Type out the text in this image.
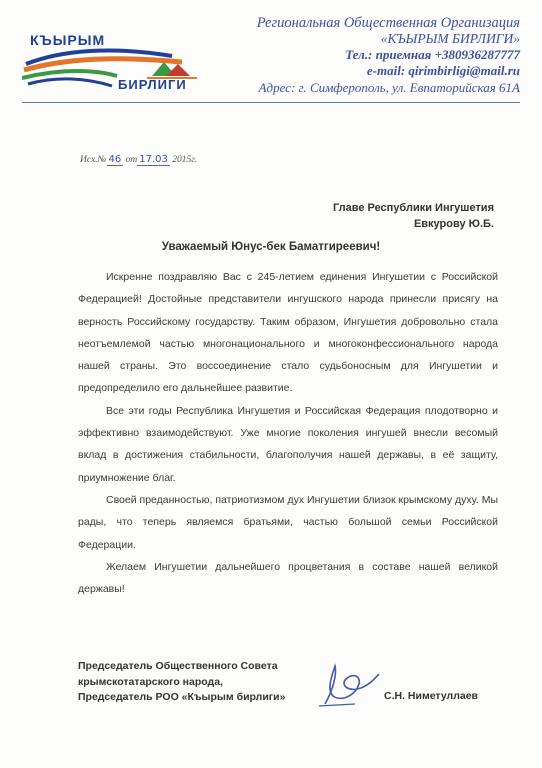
КЪЫРЫМ
БИРЛИГИ
Региональная Общественная Организация
«КЪЫРЫМ БИРЛИГИ»
Тел.: приемная +380936287777
e-mail: qirimbirligi@mail.ru
Адрес: г. Симферополь, ул. Евпаторийская 61А
Исх.№ 46 от 17.03 2015г.
Главе Республики Ингушетия
Евкурову Ю.Б.
Уважаемый Юнус-бек Баматгиреевич!

Искренне поздравляю Вас с 245-летием единения Ингушетии с Российской Федерацией! Достойные представители ингушского народа принесли присягу на верность Российскому государству. Таким образом, Ингушетия добровольно стала неотъемлемой частью многонационального и многоконфессионального народа нашей страны. Это воссоединение стало судьбоносным для Ингушетии и предопределило его дальнейшее развитие.

Все эти годы Республика Ингушетия и Российская Федерация плодотворно и эффективно взаимодействуют. Уже многие поколения ингушей внесли весомый вклад в достижения стабильности, благополучия нашей державы, в её защиту, приумножение благ.

Своей преданностью, патриотизмом дух Ингушетии близок крымскому духу. Мы рады, что теперь являемся братьями, частью большой семьи Российской Федерации.

Желаем Ингушетии дальнейшего процветания в составе нашей великой державы!

Председатель Общественного Совета
крымскотатарского народа,
Председатель РОО «Къырым бирлиги»	С.Н. Ниметуллаев
